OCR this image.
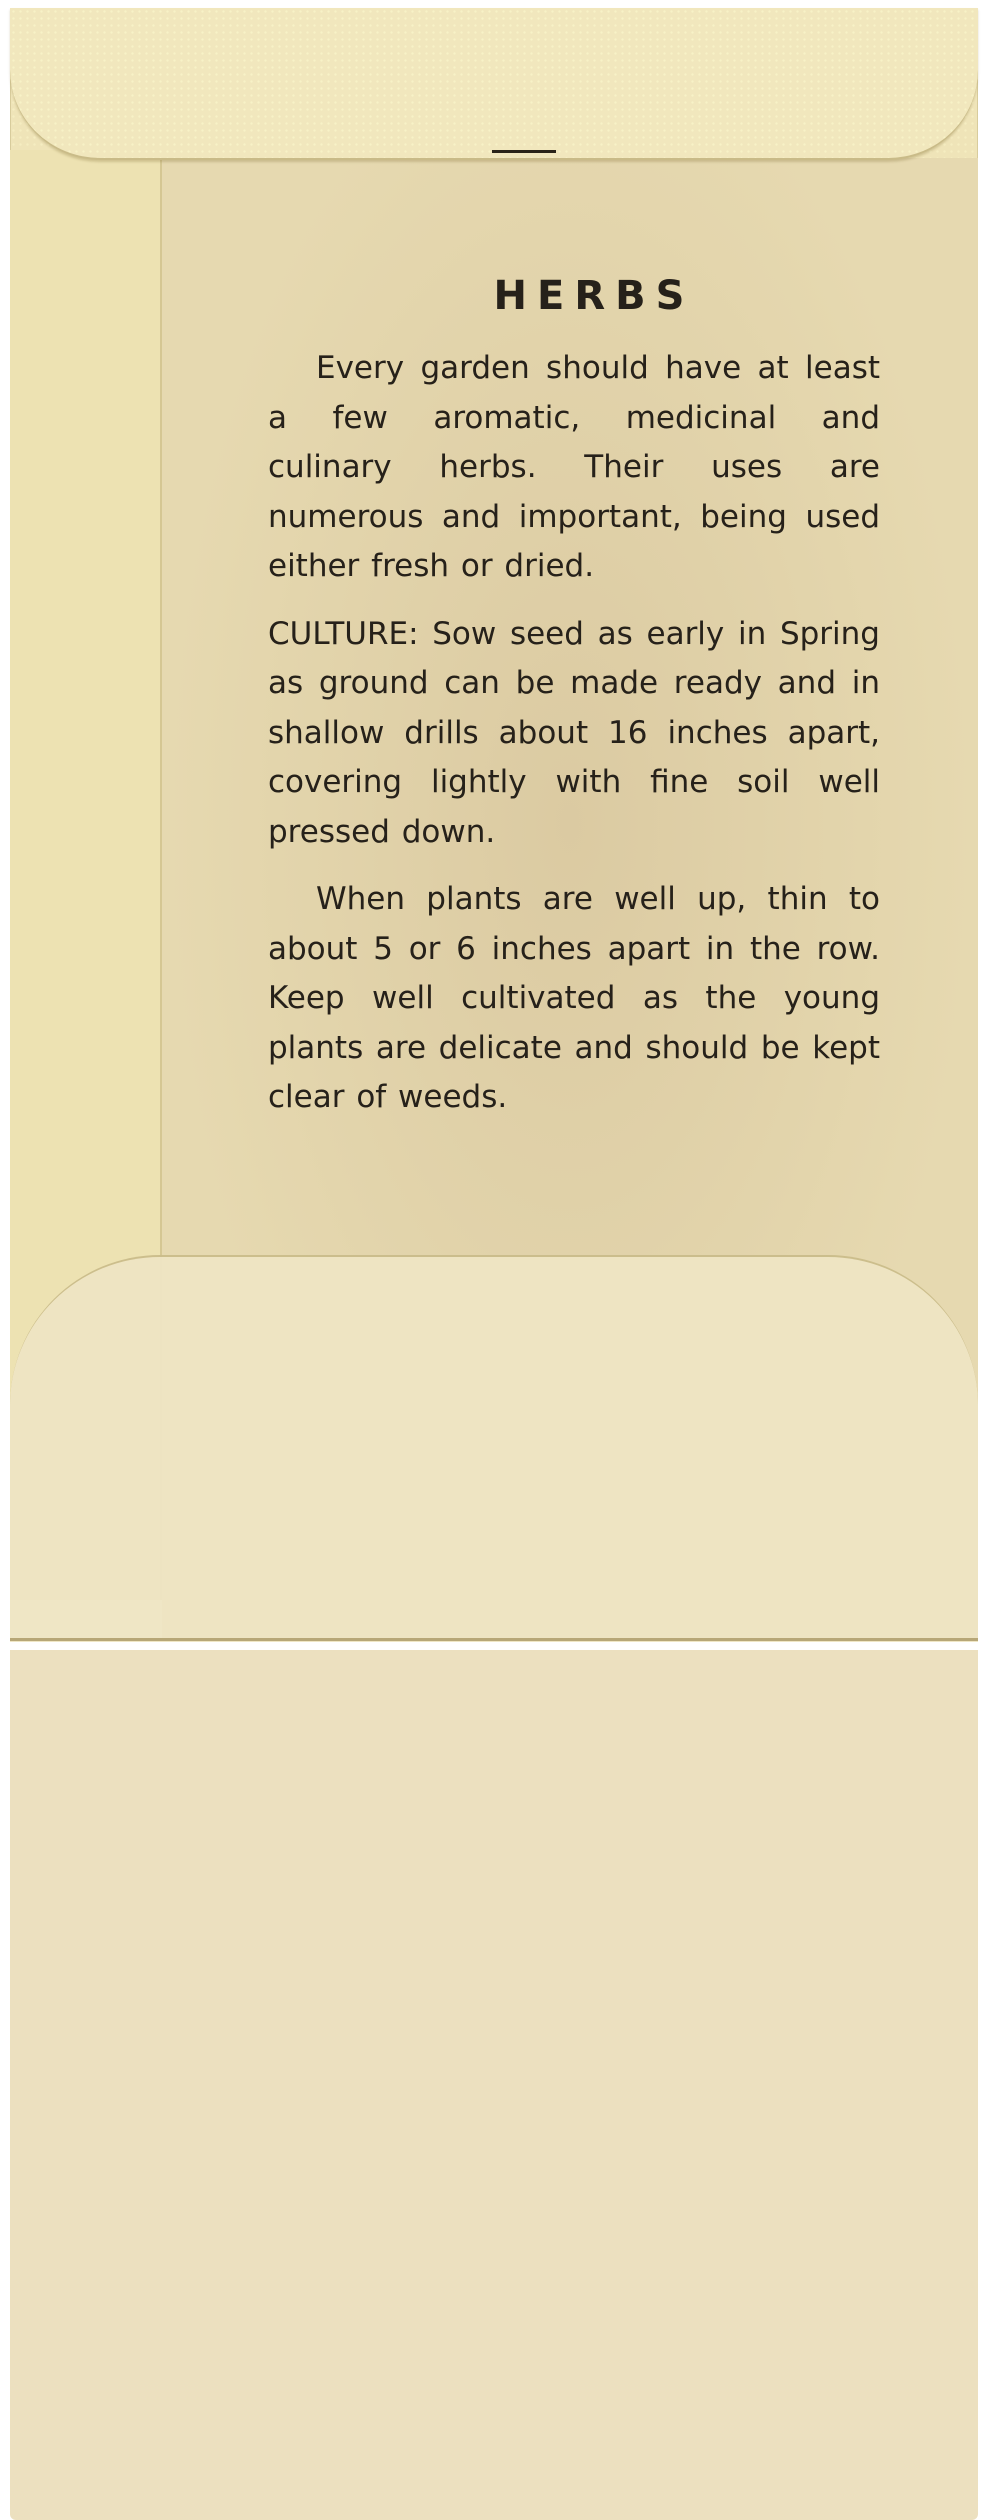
HERBS

Every garden should have at least a few aromatic, medicinal and culinary herbs. Their uses are numerous and important, being used either fresh or dried.

CULTURE: Sow seed as early in Spring as ground can be made ready and in shallow drills about 16 inches apart, covering lightly with fine soil well pressed down.

When plants are well up, thin to about 5 or 6 inches apart in the row. Keep well cultivated as the young plants are delicate and should be kept clear of weeds.
